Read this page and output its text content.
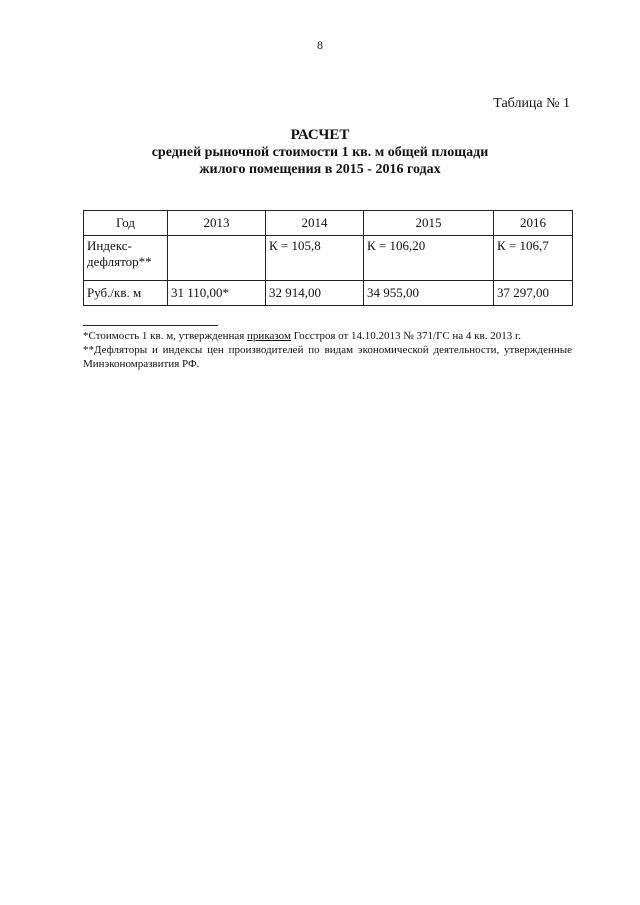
8
Таблица № 1
РАСЧЕТ
средней рыночной стоимости 1 кв. м общей площади
жилого помещения в 2015 - 2016 годах
Год	2013	2014	2015	2016
Индекс-дефлятор**		К = 105,8	К = 106,20	К = 106,7
Руб./кв. м	31 110,00*	32 914,00	34 955,00	37 297,00
*Стоимость 1 кв. м, утвержденная приказом Госстроя от 14.10.2013 № 371/ГС на 4 кв. 2013 г.
**Дефляторы и индексы цен производителей по видам экономической деятельности, утвержденные Минэкономразвития РФ.
